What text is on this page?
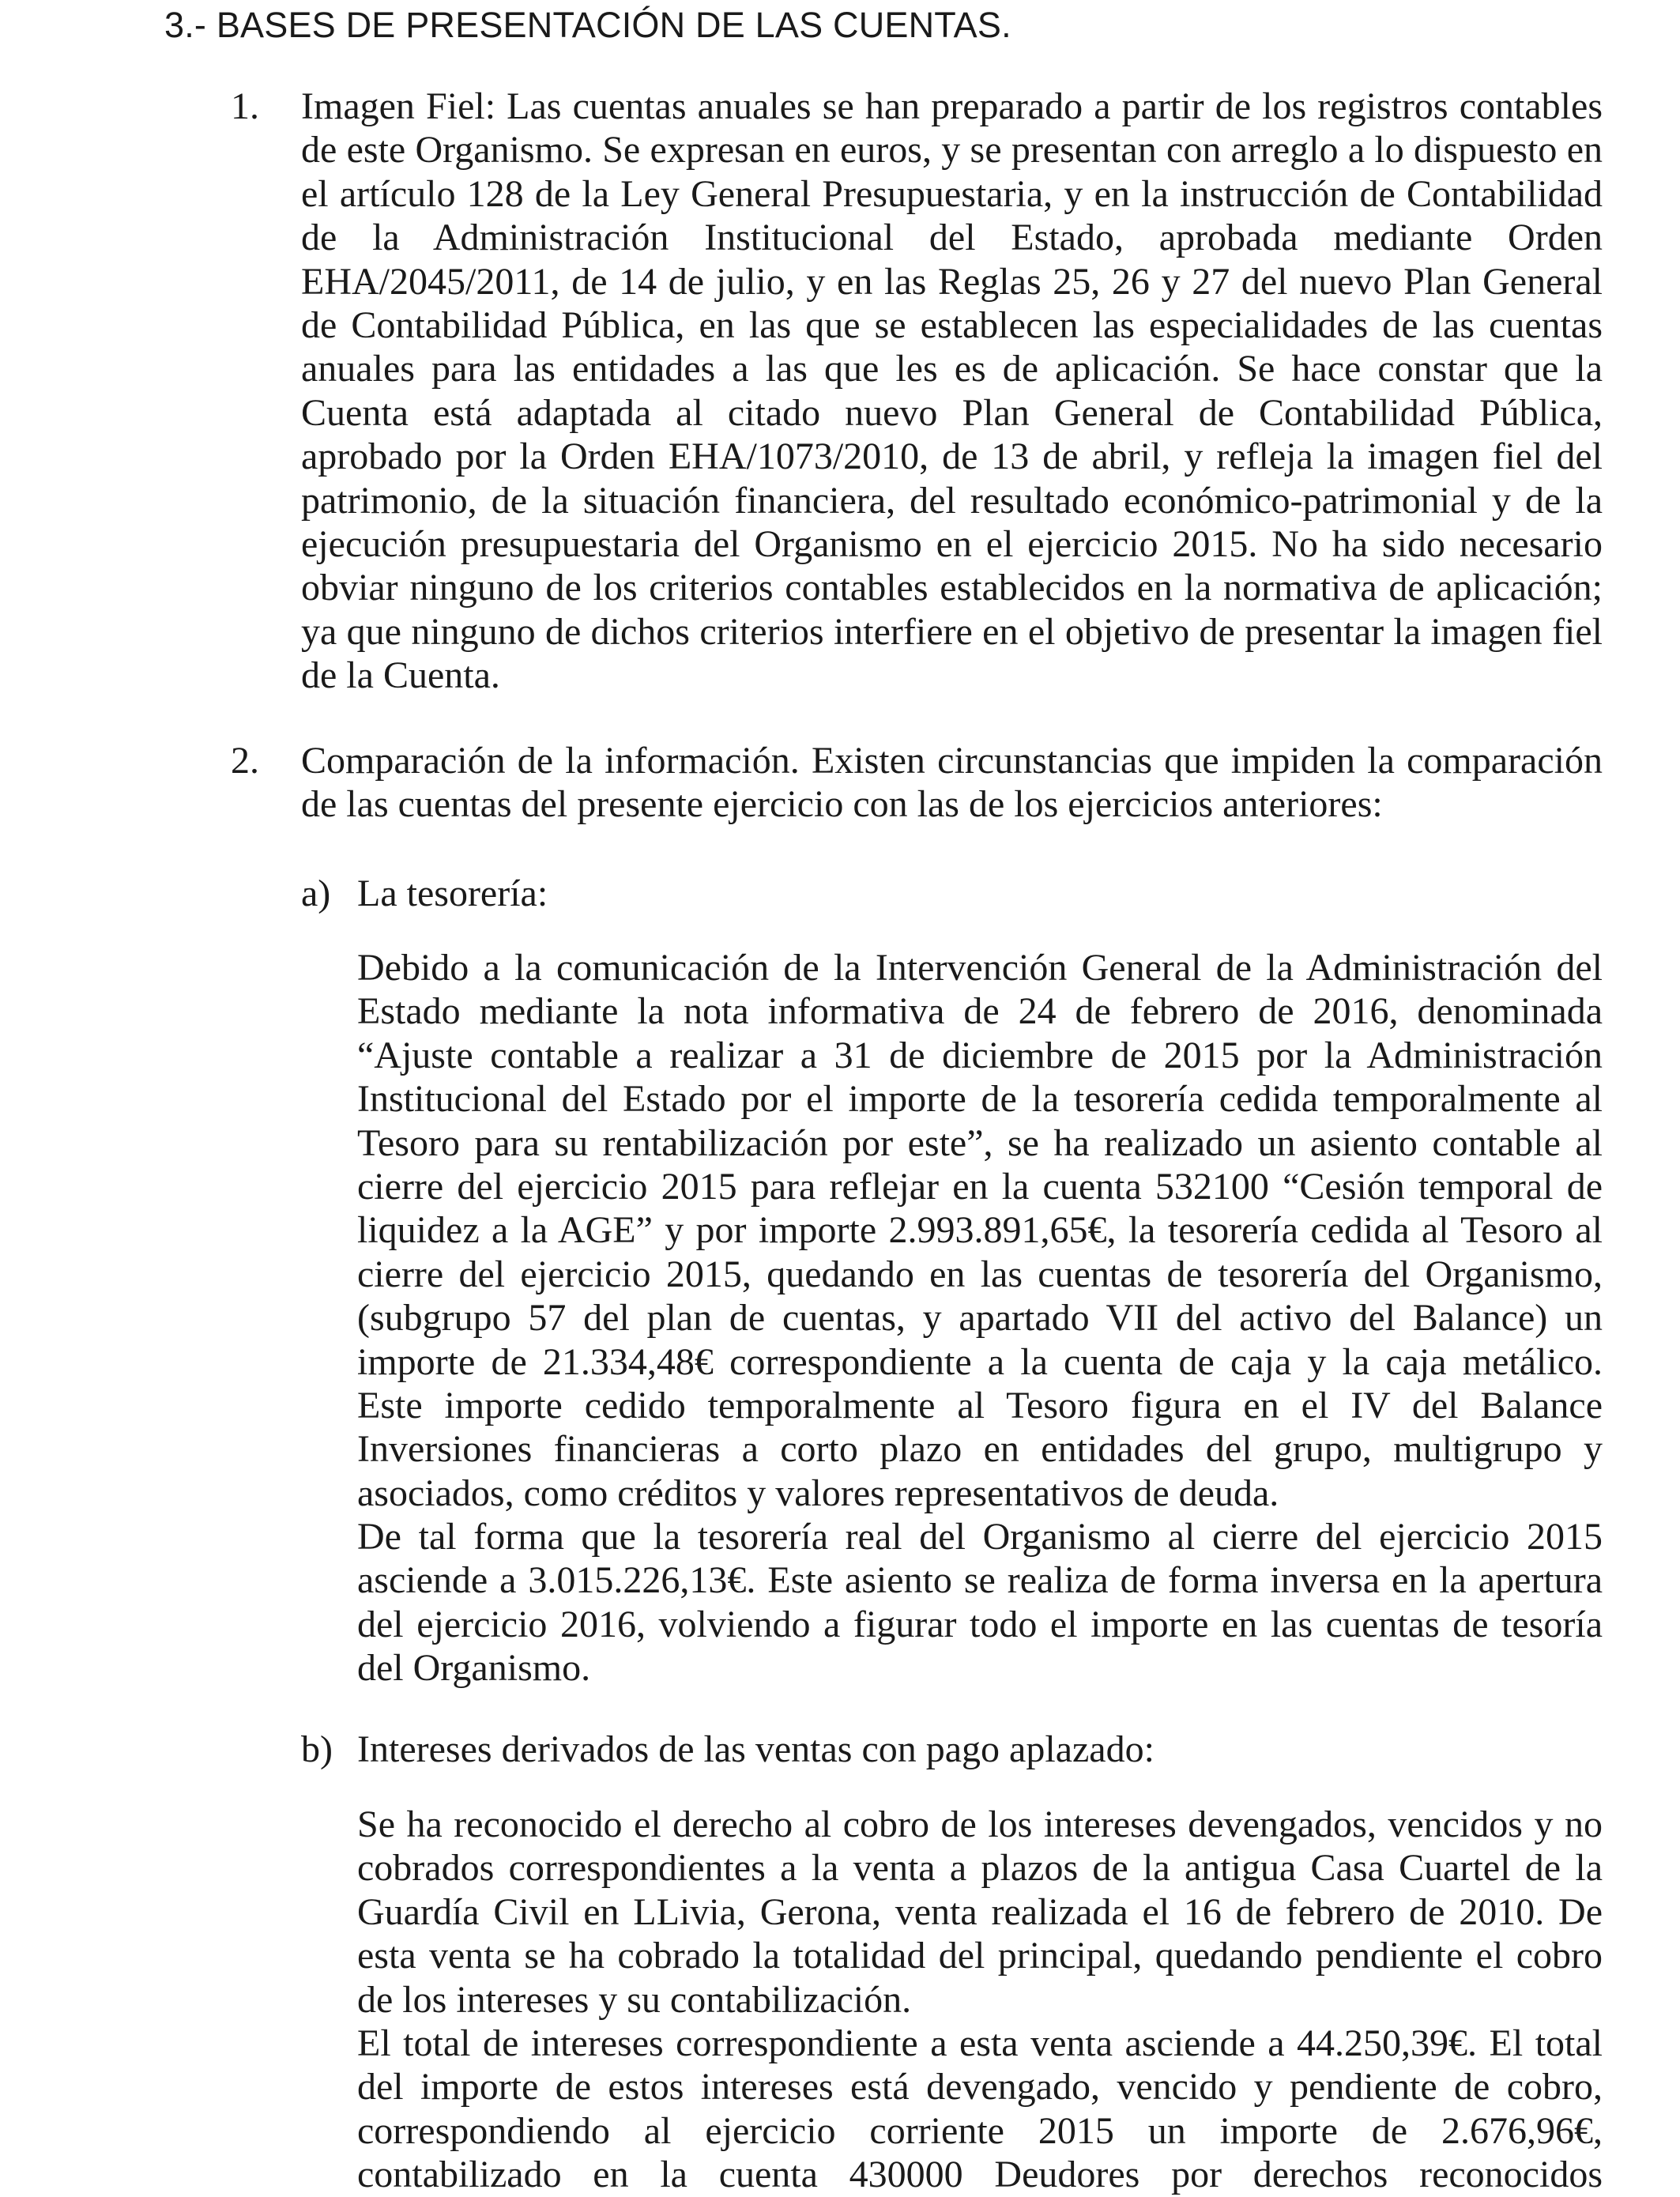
3.- BASES DE PRESENTACIÓN DE LAS CUENTAS.
1. Imagen Fiel: Las cuentas anuales se han preparado a partir de los registros contables
de este Organismo. Se expresan en euros, y se presentan con arreglo a lo dispuesto en
el artículo 128 de la Ley General Presupuestaria, y en la instrucción de Contabilidad
de la Administración Institucional del Estado, aprobada mediante Orden
EHA/2045/2011, de 14 de julio, y en las Reglas 25, 26 y 27 del nuevo Plan General
de Contabilidad Pública, en las que se establecen las especialidades de las cuentas
anuales para las entidades a las que les es de aplicación. Se hace constar que la
Cuenta está adaptada al citado nuevo Plan General de Contabilidad Pública,
aprobado por la Orden EHA/1073/2010, de 13 de abril, y refleja la imagen fiel del
patrimonio, de la situación financiera, del resultado económico-patrimonial y de la
ejecución presupuestaria del Organismo en el ejercicio 2015. No ha sido necesario
obviar ninguno de los criterios contables establecidos en la normativa de aplicación;
ya que ninguno de dichos criterios interfiere en el objetivo de presentar la imagen fiel
de la Cuenta.
2. Comparación de la información. Existen circunstancias que impiden la comparación
de las cuentas del presente ejercicio con las de los ejercicios anteriores:
a) La tesorería:
Debido a la comunicación de la Intervención General de la Administración del
Estado mediante la nota informativa de 24 de febrero de 2016, denominada
“Ajuste contable a realizar a 31 de diciembre de 2015 por la Administración
Institucional del Estado por el importe de la tesorería cedida temporalmente al
Tesoro para su rentabilización por este”, se ha realizado un asiento contable al
cierre del ejercicio 2015 para reflejar en la cuenta 532100 “Cesión temporal de
liquidez a la AGE” y por importe 2.993.891,65€, la tesorería cedida al Tesoro al
cierre del ejercicio 2015, quedando en las cuentas de tesorería del Organismo,
(subgrupo 57 del plan de cuentas, y apartado VII del activo del Balance) un
importe de 21.334,48€ correspondiente a la cuenta de caja y la caja metálico.
Este importe cedido temporalmente al Tesoro figura en el IV del Balance
Inversiones financieras a corto plazo en entidades del grupo, multigrupo y
asociados, como créditos y valores representativos de deuda.
De tal forma que la tesorería real del Organismo al cierre del ejercicio 2015
asciende a 3.015.226,13€. Este asiento se realiza de forma inversa en la apertura
del ejercicio 2016, volviendo a figurar todo el importe en las cuentas de tesoría
del Organismo.
b) Intereses derivados de las ventas con pago aplazado:
Se ha reconocido el derecho al cobro de los intereses devengados, vencidos y no
cobrados correspondientes a la venta a plazos de la antigua Casa Cuartel de la
Guardía Civil en LLivia, Gerona, venta realizada el 16 de febrero de 2010. De
esta venta se ha cobrado la totalidad del principal, quedando pendiente el cobro
de los intereses y su contabilización.
El total de intereses correspondiente a esta venta asciende a 44.250,39€. El total
del importe de estos intereses está devengado, vencido y pendiente de cobro,
correspondiendo al ejercicio corriente 2015 un importe de 2.676,96€,
contabilizado en la cuenta 430000 Deudores por derechos reconocidos
